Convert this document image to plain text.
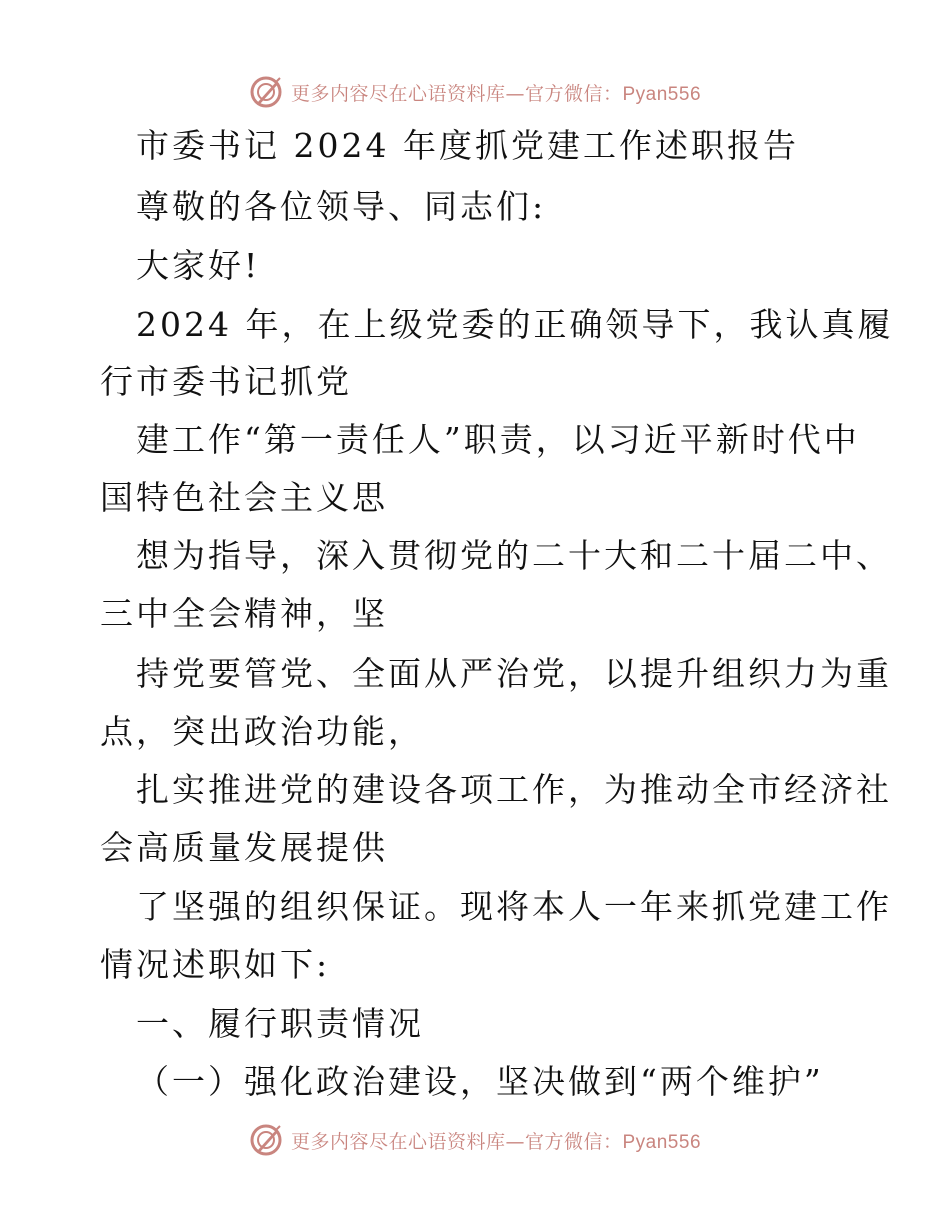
更多内容尽在心语资料库—官方微信：Pyan556
市委书记 2024 年度抓党建工作述职报告
尊敬的各位领导、同志们:
大家好!
2024 年，在上级党委的正确领导下，我认真履
行市委书记抓党
建工作“第一责任人”职责，以习近平新时代中
国特色社会主义思
想为指导，深入贯彻党的二十大和二十届二中、
三中全会精神，坚
持党要管党、全面从严治党，以提升组织力为重
点，突出政治功能，
扎实推进党的建设各项工作，为推动全市经济社
会高质量发展提供
了坚强的组织保证。现将本人一年来抓党建工作
情况述职如下:
一、履行职责情况
（一）强化政治建设，坚决做到“两个维护”
更多内容尽在心语资料库—官方微信：Pyan556
